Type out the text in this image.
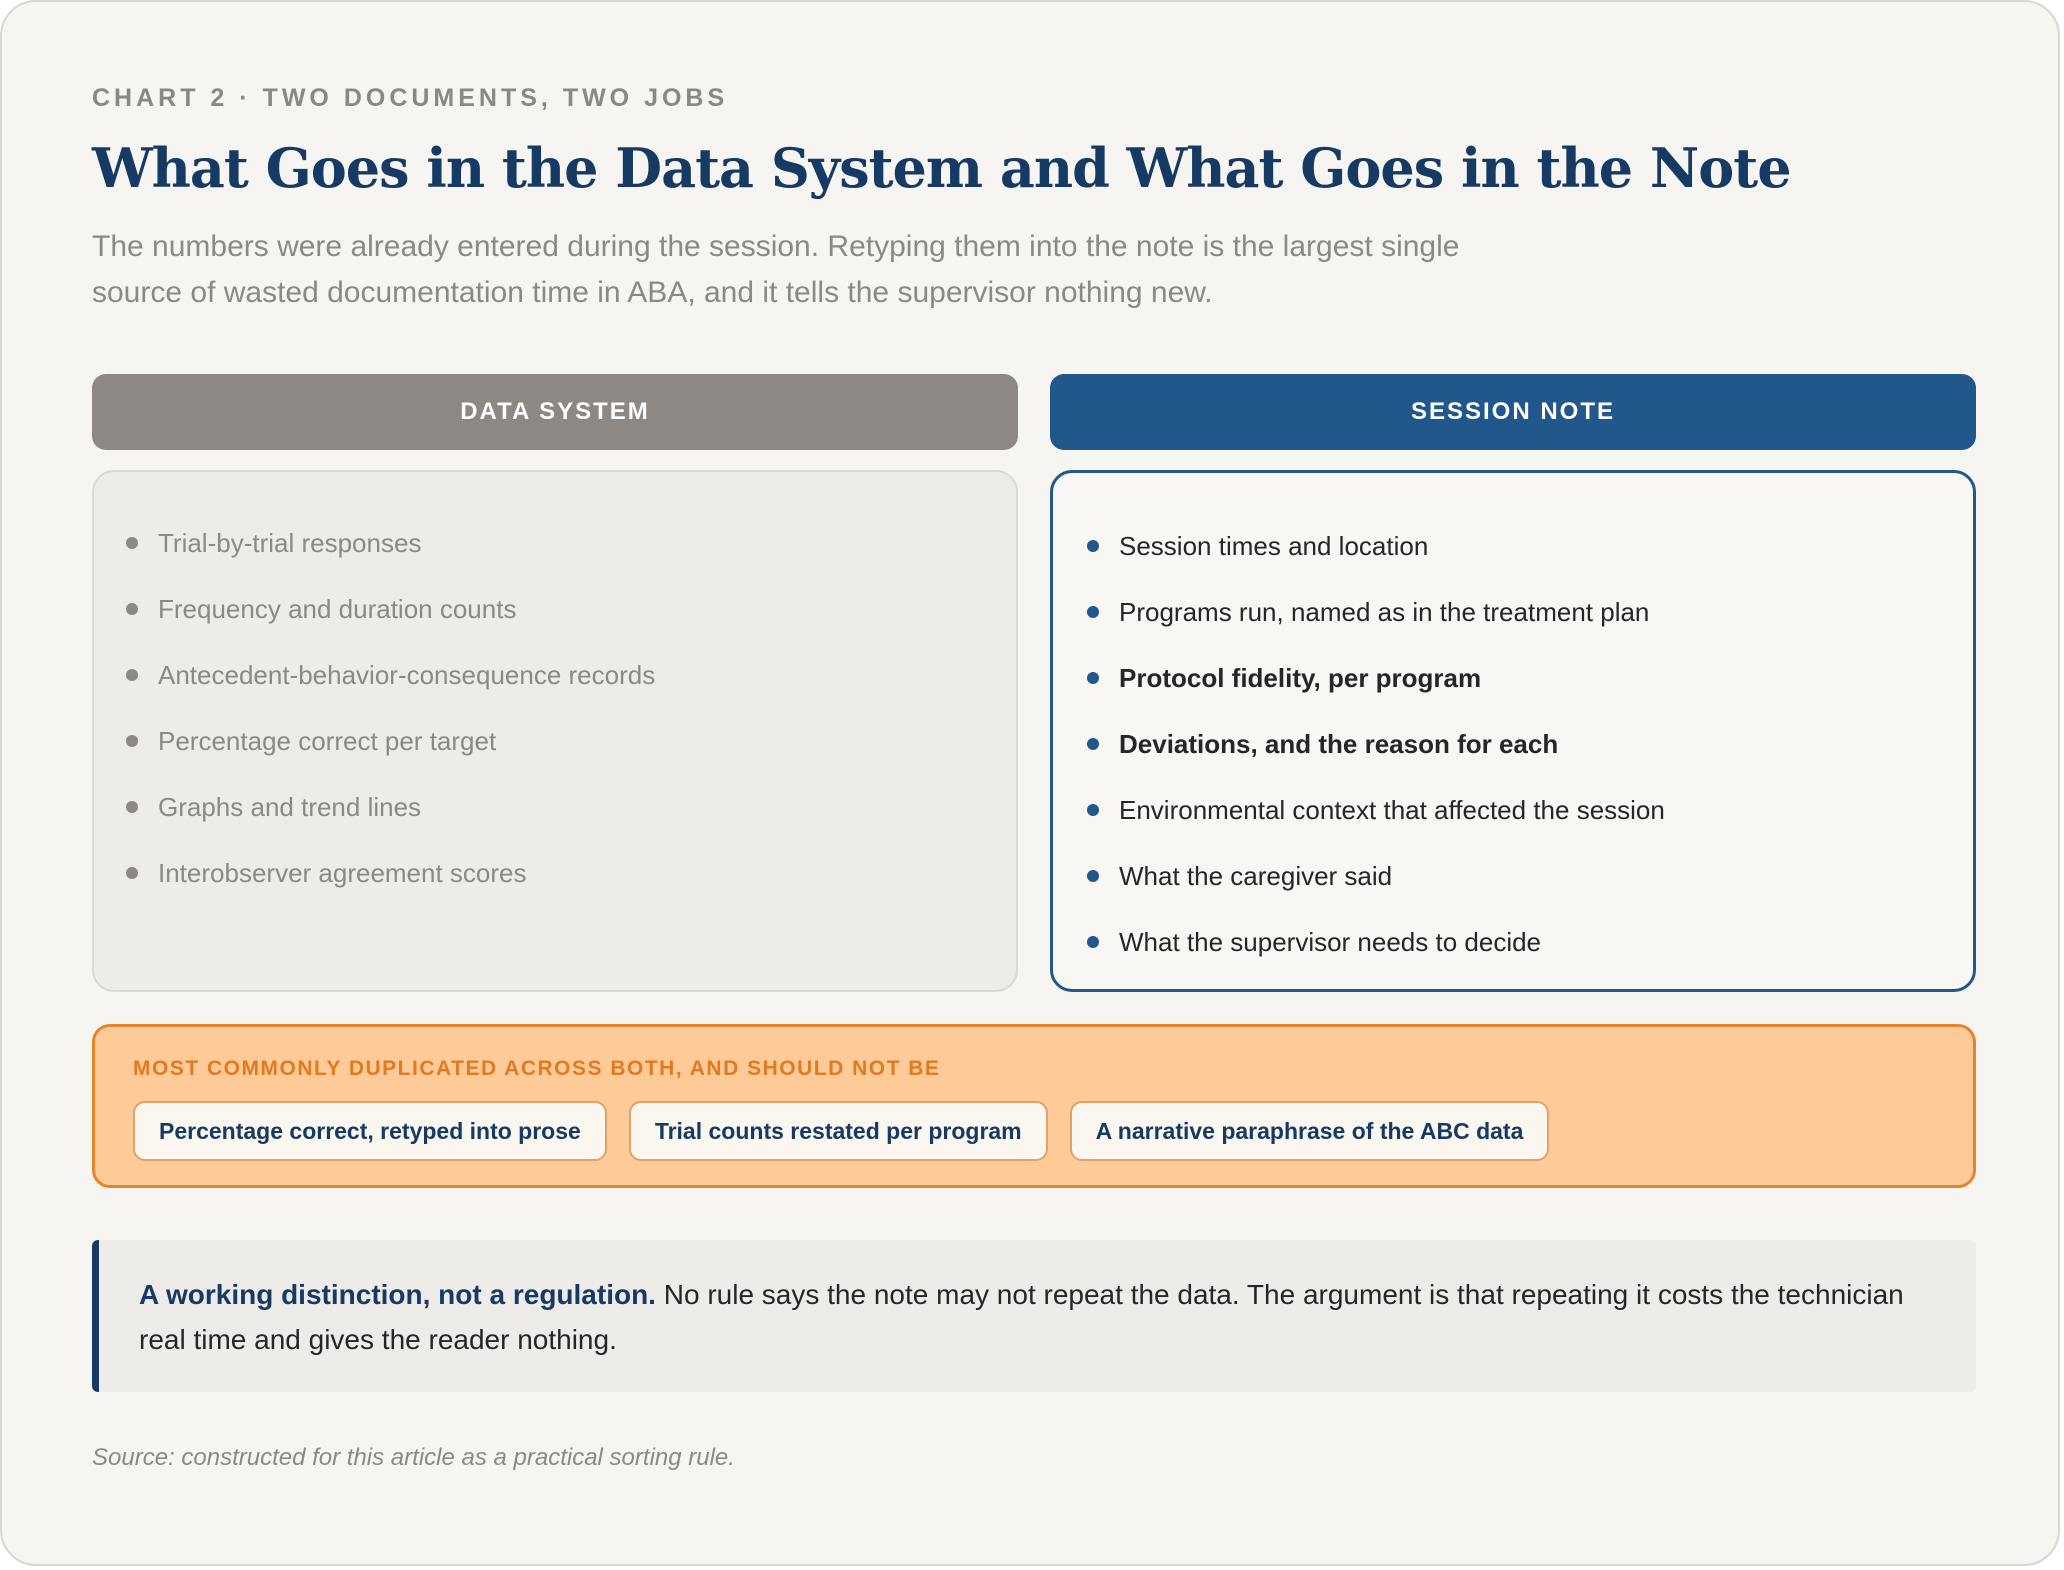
CHART 2 · TWO DOCUMENTS, TWO JOBS
What Goes in the Data System and What Goes in the Note
The numbers were already entered during the session. Retyping them into the note is the largest single source of wasted documentation time in ABA, and it tells the supervisor nothing new.
DATA SYSTEM	SESSION NOTE
Trial-by-trial responses
Frequency and duration counts
Antecedent-behavior-consequence records
Percentage correct per target
Graphs and trend lines
Interobserver agreement scores
Session times and location
Programs run, named as in the treatment plan
Protocol fidelity, per program
Deviations, and the reason for each
Environmental context that affected the session
What the caregiver said
What the supervisor needs to decide
MOST COMMONLY DUPLICATED ACROSS BOTH, AND SHOULD NOT BE
Percentage correct, retyped into prose	Trial counts restated per program	A narrative paraphrase of the ABC data
A working distinction, not a regulation. No rule says the note may not repeat the data. The argument is that repeating it costs the technician real time and gives the reader nothing.
Source: constructed for this article as a practical sorting rule.
